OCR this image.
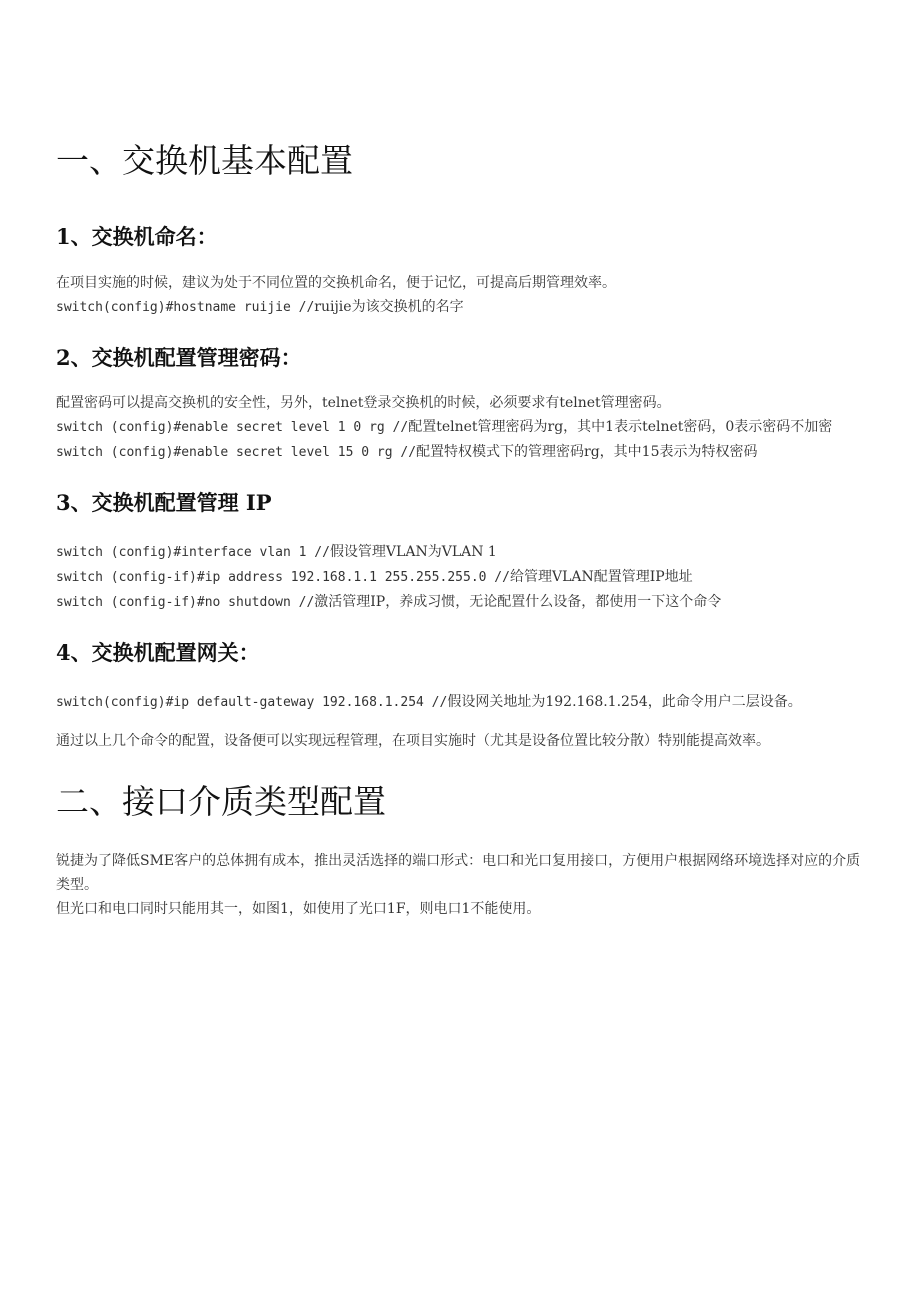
一、交换机基本配置
1、交换机命名：

在项目实施的时候，建议为处于不同位置的交换机命名，便于记忆，可提高后期管理效率。

switch(config)#hostname ruijie //ruijie为该交换机的名字

2、交换机配置管理密码：

配置密码可以提高交换机的安全性，另外，telnet登录交换机的时候，必须要求有telnet管理密码。

switch (config)#enable secret level 1 0 rg //配置telnet管理密码为rg，其中1表示telnet密码，0表示密码不加密

switch (config)#enable secret level 15 0 rg //配置特权模式下的管理密码rg，其中15表示为特权密码

3、交换机配置管理 IP

switch (config)#interface vlan 1 //假设管理VLAN为VLAN 1

switch (config-if)#ip address 192.168.1.1 255.255.255.0 //给管理VLAN配置管理IP地址

switch (config-if)#no shutdown //激活管理IP，养成习惯，无论配置什么设备，都使用一下这个命令

4、交换机配置网关：

switch(config)#ip default-gateway 192.168.1.254 //假设网关地址为192.168.1.254，此命令用户二层设备。

通过以上几个命令的配置，设备便可以实现远程管理，在项目实施时（尤其是设备位置比较分散）特别能提高效率。

二、接口介质类型配置

锐捷为了降低SME客户的总体拥有成本，推出灵活选择的端口形式：电口和光口复用接口，方便用户根据网络环境选择对应的介质类型。

但光口和电口同时只能用其一，如图1，如使用了光口1F，则电口1不能使用。
